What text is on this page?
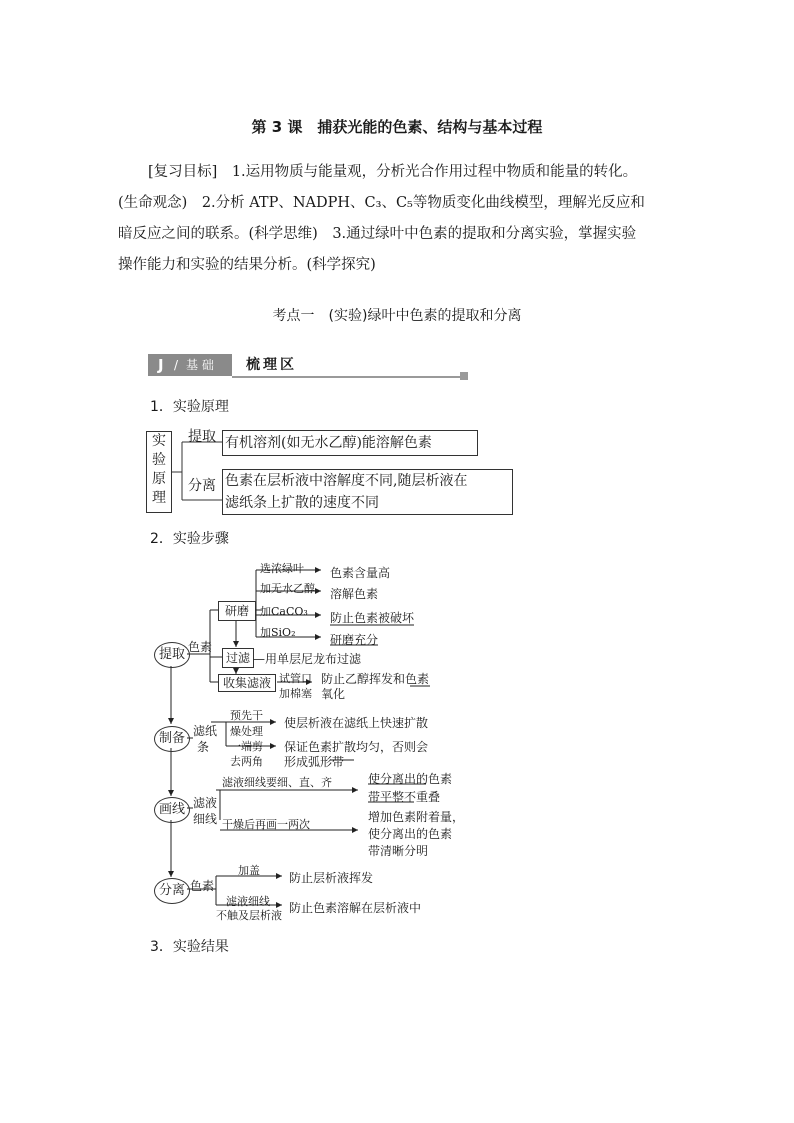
第 3 课　捕获光能的色素、结构与基本过程

[复习目标]　1.运用物质与能量观，分析光合作用过程中物质和能量的转化。

(生命观念)　2.分析 ATP、NADPH、C₃、C₅等物质变化曲线模型，理解光反应和

暗反应之间的联系。(科学思维)　3.通过绿叶中色素的提取和分离实验，掌握实验

操作能力和实验的结果分析。(科学探究)

考点一　(实验)绿叶中色素的提取和分离
J / 基 础 梳理区
1．实验原理
实
验
原
理
提取 有机溶剂(如无水乙醇)能溶解色素
分离 色素在层析液中溶解度不同,随层析液在
滤纸条上扩散的速度不同
2．实验步骤
提取
制备
画线
分离
色素
研磨
过滤 —用单层尼龙布过滤
收集滤液
选浓绿叶 色素含量高
加无水乙醇 溶解色素
加CaCO₃ 防止色素被破坏
加SiO₂
研磨充分
试管口
加棉塞
防止乙醇挥发和色素
氧化
滤纸
条
预先干
燥处理
使层析液在滤纸上快速扩散
一端剪
去两角
保证色素扩散均匀，否则会
形成弧形带
滤液
细线
滤液细线要细、直、齐	使分离出的色素
带平整不重叠
干燥后再画一两次
增加色素附着量，
使分离出的色素
带清晰分明
色素
加盖
防止层析液挥发
滤液细线
不触及层析液
防止色素溶解在层析液中
3．实验结果
